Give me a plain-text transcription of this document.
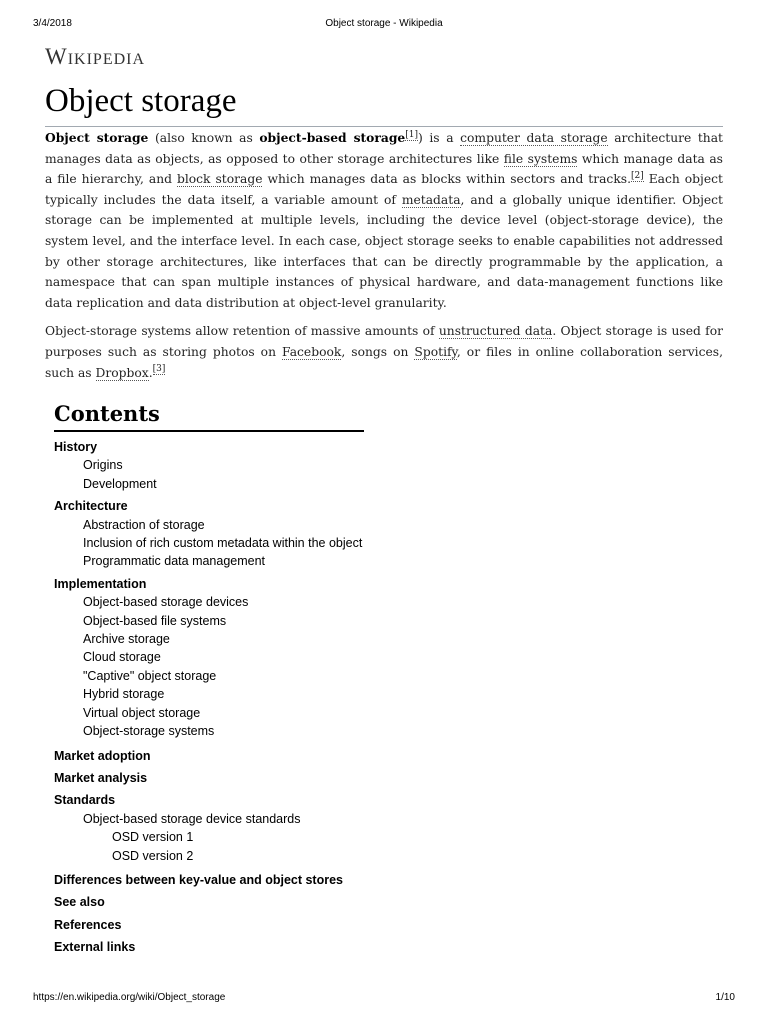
3/4/2018	Object storage - Wikipedia
Wikipedia
Object storage

Object storage (also known as object-based storage[1]) is a computer data storage architecture that manages data as objects, as opposed to other storage architectures like file systems which manage data as a file hierarchy, and block storage which manages data as blocks within sectors and tracks.[2] Each object typically includes the data itself, a variable amount of metadata, and a globally unique identifier. Object storage can be implemented at multiple levels, including the device level (object-storage device), the system level, and the interface level. In each case, object storage seeks to enable capabilities not addressed by other storage architectures, like interfaces that can be directly programmable by the application, a namespace that can span multiple instances of physical hardware, and data-management functions like data replication and data distribution at object-level granularity.

Object-storage systems allow retention of massive amounts of unstructured data. Object storage is used for purposes such as storing photos on Facebook, songs on Spotify, or files in online collaboration services, such as Dropbox.[3]

Contents
History
Origins
Development
Architecture
Abstraction of storage
Inclusion of rich custom metadata within the object
Programmatic data management
Implementation
Object-based storage devices
Object-based file systems
Archive storage
Cloud storage
"Captive" object storage
Hybrid storage
Virtual object storage
Object-storage systems
Market adoption
Market analysis
Standards
Object-based storage device standards
OSD version 1
OSD version 2
Differences between key-value and object stores
See also
References
External links
https://en.wikipedia.org/wiki/Object_storage	1/10
